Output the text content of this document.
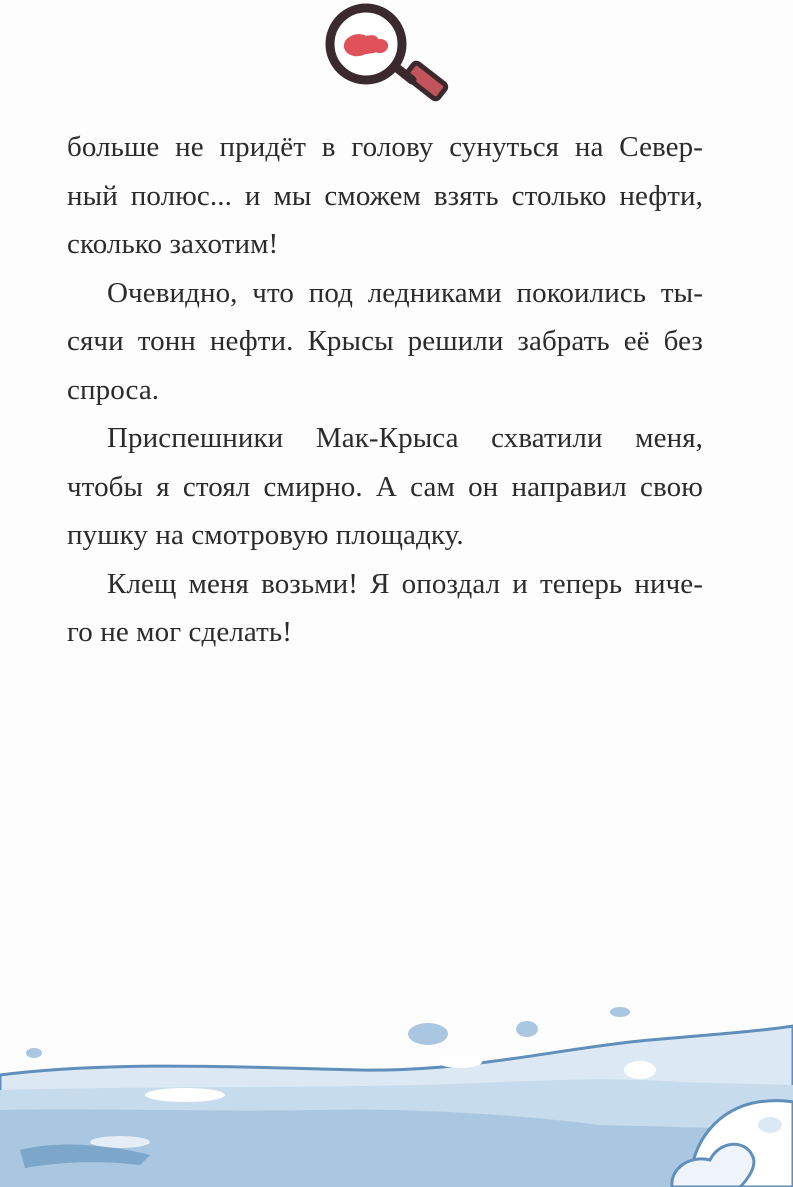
больше не придёт в голову сунуться на Север-
ный полюс... и мы сможем взять столько нефти,
сколько захотим!
Очевидно, что под ледниками покоились ты-
сячи тонн нефти. Крысы решили забрать её без
спроса.
Приспешники Мак-Крыса схватили меня,
чтобы я стоял смирно. А сам он направил свою
пушку на смотровую площадку.
Клещ меня возьми! Я опоздал и теперь ниче-
го не мог сделать!
